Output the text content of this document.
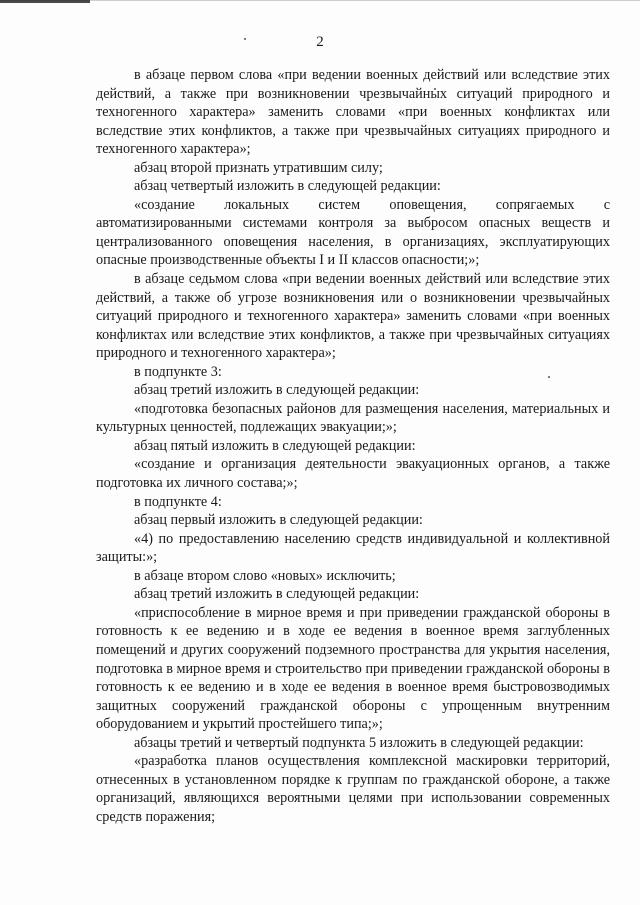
2

в абзаце первом слова «при ведении военных действий или вследствие этих действий, а также при возникновении чрезвычайных ситуаций природного и техногенного характера» заменить словами «при военных конфликтах или вследствие этих конфликтов, а также при чрезвычайных ситуациях природного и техногенного характера»;

абзац второй признать утратившим силу;

абзац четвертый изложить в следующей редакции:

«создание локальных систем оповещения, сопрягаемых с автоматизированными системами контроля за выбросом опасных веществ и централизованного оповещения населения, в организациях, эксплуатирующих опасные производственные объекты I и II классов опасности;»;

в абзаце седьмом слова «при ведении военных действий или вследствие этих действий, а также об угрозе возникновения или о возникновении чрезвычайных ситуаций природного и техногенного характера» заменить словами «при военных конфликтах или вследствие этих конфликтов, а также при чрезвычайных ситуациях природного и техногенного характера»;

в подпункте 3:

абзац третий изложить в следующей редакции:

«подготовка безопасных районов для размещения населения, материальных и культурных ценностей, подлежащих эвакуации;»;

абзац пятый изложить в следующей редакции:

«создание и организация деятельности эвакуационных органов, а также подготовка их личного состава;»;

в подпункте 4:

абзац первый изложить в следующей редакции:

«4) по предоставлению населению средств индивидуальной и коллективной защиты:»;

в абзаце втором слово «новых» исключить;

абзац третий изложить в следующей редакции:

«приспособление в мирное время и при приведении гражданской обороны в готовность к ее ведению и в ходе ее ведения в военное время заглубленных помещений и других сооружений подземного пространства для укрытия населения, подготовка в мирное время и строительство при приведении гражданской обороны в готовность к ее ведению и в ходе ее ведения в военное время быстровозводимых защитных сооружений гражданской обороны с упрощенным внутренним оборудованием и укрытий простейшего типа;»;

абзацы третий и четвертый подпункта 5 изложить в следующей редакции:

«разработка планов осуществления комплексной маскировки территорий, отнесенных в установленном порядке к группам по гражданской обороне, а также организаций, являющихся вероятными целями при использовании современных средств поражения;
